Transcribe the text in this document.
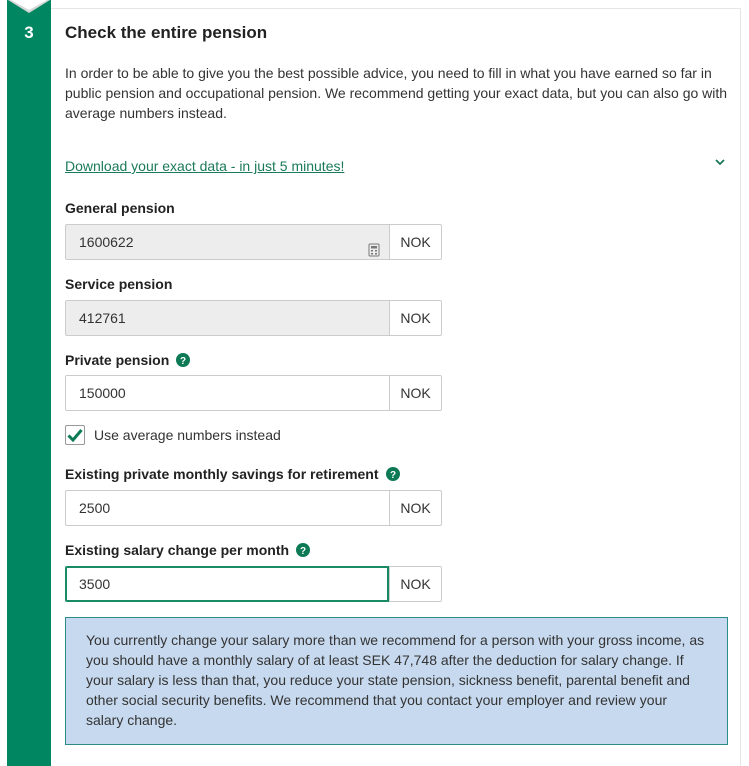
3	Check the entire pension
In order to be able to give you the best possible advice, you need to fill in what you have earned so far in public pension and occupational pension. We recommend getting your exact data, but you can also go with average numbers instead.
Download your exact data - in just 5 minutes!
General pension
1600622	NOK
Service pension
412761	NOK
Private pension ?
150000	NOK
Use average numbers instead
Existing private monthly savings for retirement ?
2500	NOK
Existing salary change per month ?
3500	NOK
You currently change your salary more than we recommend for a person with your gross income, as you should have a monthly salary of at least SEK 47,748 after the deduction for salary change. If your salary is less than that, you reduce your state pension, sickness benefit, parental benefit and other social security benefits. We recommend that you contact your employer and review your salary change.
